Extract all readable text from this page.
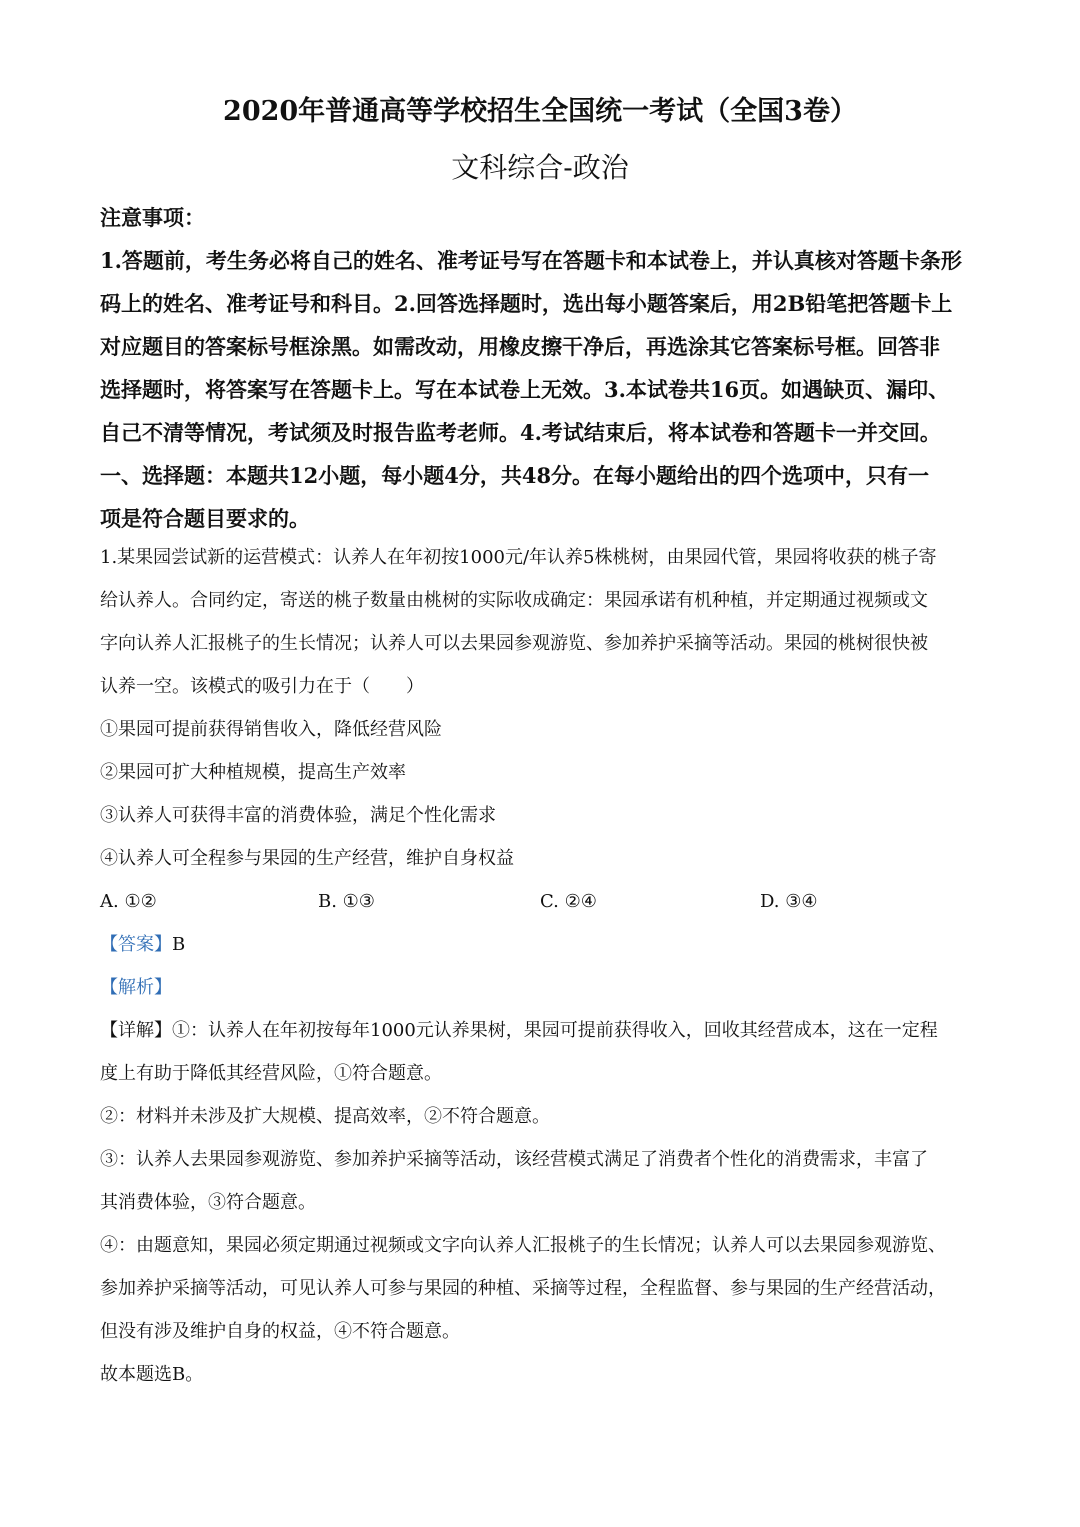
2020年普通高等学校招生全国统一考试（全国3卷）
文科综合-政治
注意事项：
1.答题前，考生务必将自己的姓名、准考证号写在答题卡和本试卷上，并认真核对答题卡条形
码上的姓名、准考证号和科目。2.回答选择题时，选出每小题答案后，用2B铅笔把答题卡上
对应题目的答案标号框涂黑。如需改动，用橡皮擦干净后，再选涂其它答案标号框。回答非
选择题时，将答案写在答题卡上。写在本试卷上无效。3.本试卷共16页。如遇缺页、漏印、
自己不清等情况，考试须及时报告监考老师。4.考试结束后，将本试卷和答题卡一并交回。
一、选择题：本题共12小题，每小题4分，共48分。在每小题给出的四个选项中，只有一
项是符合题目要求的。
1.某果园尝试新的运营模式：认养人在年初按1000元/年认养5株桃树，由果园代管，果园将收获的桃子寄
给认养人。合同约定，寄送的桃子数量由桃树的实际收成确定：果园承诺有机种植，并定期通过视频或文
字向认养人汇报桃子的生长情况；认养人可以去果园参观游览、参加养护采摘等活动。果园的桃树很快被
认养一空。该模式的吸引力在于（　　）
①果园可提前获得销售收入，降低经营风险
②果园可扩大种植规模，提高生产效率
③认养人可获得丰富的消费体验，满足个性化需求
④认养人可全程参与果园的生产经营，维护自身权益
A. ①②	B. ①③	C. ②④	D. ③④
【答案】B
【解析】
【详解】①：认养人在年初按每年1000元认养果树，果园可提前获得收入，回收其经营成本，这在一定程
度上有助于降低其经营风险，①符合题意。
②：材料并未涉及扩大规模、提高效率，②不符合题意。
③：认养人去果园参观游览、参加养护采摘等活动，该经营模式满足了消费者个性化的消费需求，丰富了
其消费体验，③符合题意。
④：由题意知，果园必须定期通过视频或文字向认养人汇报桃子的生长情况；认养人可以去果园参观游览、
参加养护采摘等活动，可见认养人可参与果园的种植、采摘等过程，全程监督、参与果园的生产经营活动，
但没有涉及维护自身的权益，④不符合题意。
故本题选B。
